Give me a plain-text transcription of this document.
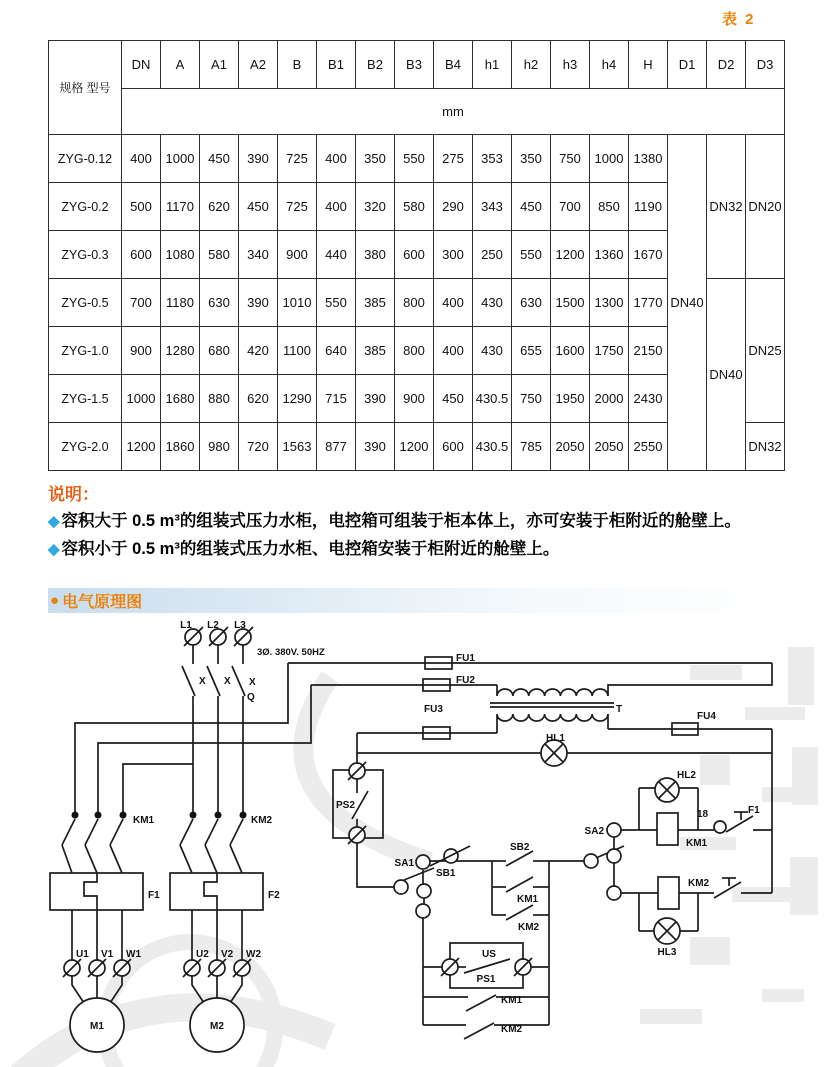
表 2
规格 型号	DN	A	A1	A2	B	B1	B2	B3	B4	h1	h2	h3	h4	H	D1	D2	D3
	mm																
ZYG-0.12	400	1000	450	390	725	400	350	550	275	353	350	750	1000	1380	DN40	DN32	DN20
ZYG-0.2	500	1170	620	450	725	400	320	580	290	343	450	700	850	1190			
ZYG-0.3	600	1080	580	340	900	440	380	600	300	250	550	1200	1360	1670			
ZYG-0.5	700	1180	630	390	1010	550	385	800	400	430	630	1500	1300	1770		DN40	DN25
ZYG-1.0	900	1280	680	420	1100	640	385	800	400	430	655	1600	1750	2150			
ZYG-1.5	1000	1680	880	620	1290	715	390	900	450	430.5	750	1950	2000	2430			
ZYG-2.0	1200	1860	980	720	1563	877	390	1200	600	430.5	785	2050	2050	2550			DN32
说明：
◆ 容积大于 0.5 m³的组装式压力水柜，电控箱可组装于柜本体上，亦可安装于柜附近的舱壁上。
◆ 容积小于 0.5 m³的组装式压力水柜、电控箱安装于柜附近的舱壁上。
● 电气原理图
L1 L2 L3
3Ø. 380V. 50HZ
X X X
Q
KM1	KM2
F1	F2
U1 V1 W1	U2 V2 W2
M1	M2
FU1
FU2
FU3
FU4
T
HL1
HL2
HL3
PS2
SA1
SB1
SB2
KM1
KM2
SA2
18
KM1
F1
KM2
US
PS1
KM1
KM2
